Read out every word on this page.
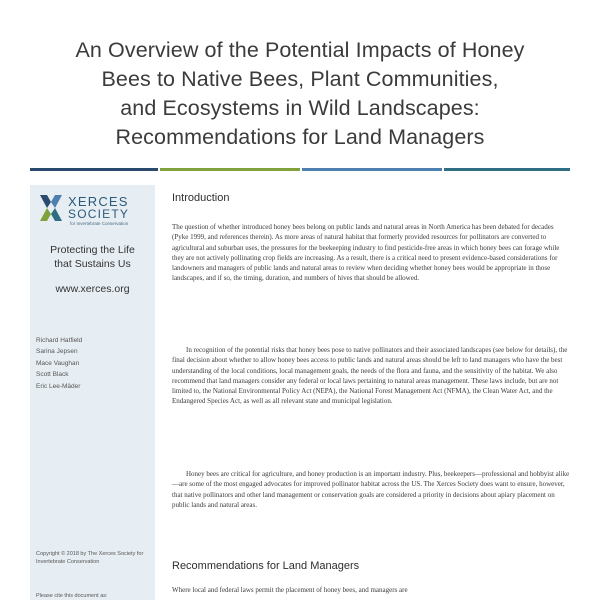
An Overview of the Potential Impacts of Honey
Bees to Native Bees, Plant Communities,
and Ecosystems in Wild Landscapes:
Recommendations for Land Managers
XERCES
SOCIETY
for Invertebrate Conservation
Protecting the Life
that Sustains Us
www.xerces.org
Richard Hatfield
Sarina Jepsen
Mace Vaughan
Scott Black
Eric Lee-Mäder
Copyright © 2018 by The Xerces Society for Invertebrate Conservation
Please cite this document as:
Introduction
The question of whether introduced honey bees belong on public lands and natural areas in North America has been debated for decades (Pyke 1999, and references therein). As more areas of natural habitat that formerly provided resources for pollinators are converted to agricultural and suburban uses, the pressures for the beekeeping industry to find pesticide-free areas in which honey bees can forage while they are not actively pollinating crop fields are increasing. As a result, there is a critical need to present evidence-based considerations for landowners and managers of public lands and natural areas to review when deciding whether honey bees would be appropriate in those landscapes, and if so, the timing, duration, and numbers of hives that should be allowed.
In recognition of the potential risks that honey bees pose to native pollinators and their associated landscapes (see below for details), the final decision about whether to allow honey bees access to public lands and natural areas should be left to land managers who have the best understanding of the local conditions, local management goals, the needs of the flora and fauna, and the sensitivity of the habitat. We also recommend that land managers consider any federal or local laws pertaining to natural areas management. These laws include, but are not limited to, the National Environmental Policy Act (NEPA), the National Forest Management Act (NFMA), the Clean Water Act, and the Endangered Species Act, as well as all relevant state and municipal legislation.
Honey bees are critical for agriculture, and honey production is an important industry. Plus, beekeepers—professional and hobbyist alike—are some of the most engaged advocates for improved pollinator habitat across the US. The Xerces Society does want to ensure, however, that native pollinators and other land management or conservation goals are considered a priority in decisions about apiary placement on public lands and natural areas.
Recommendations for Land Managers
Where local and federal laws permit the placement of honey bees, and managers are
